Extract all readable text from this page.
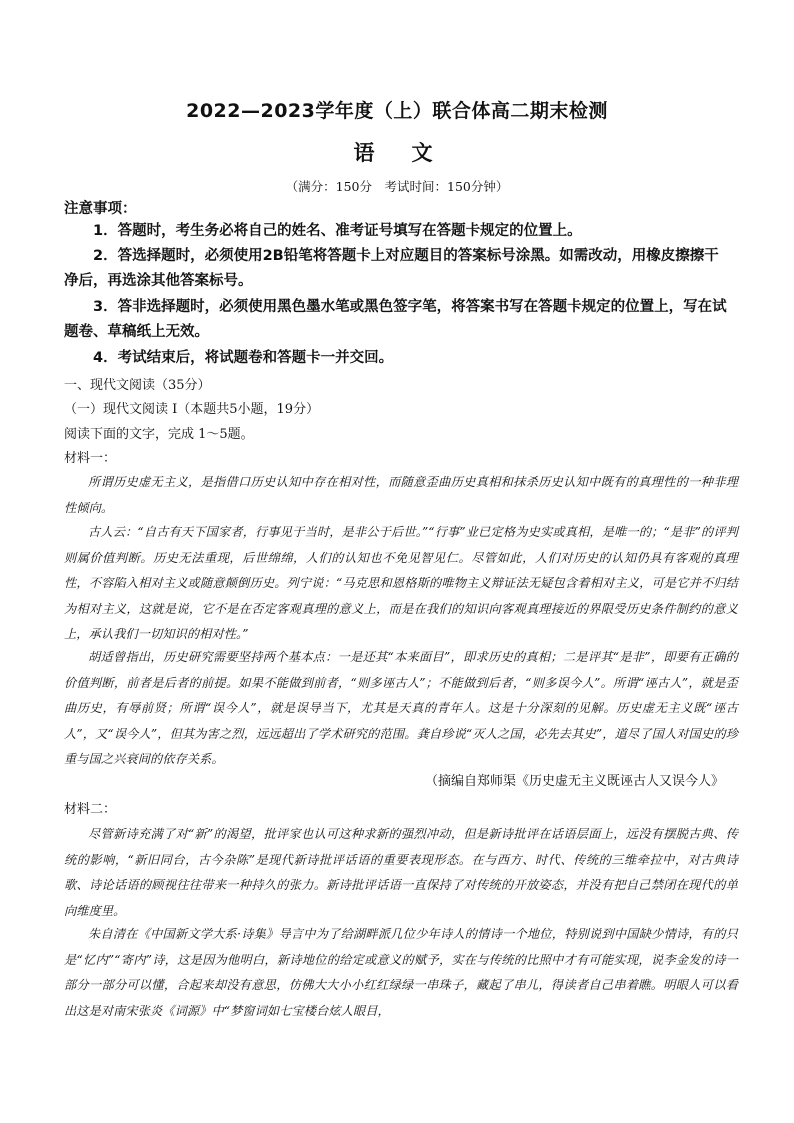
2022—2023学年度（上）联合体高二期末检测
语　文
（满分：150分　考试时间：150分钟）
注意事项：
1．答题时，考生务必将自己的姓名、准考证号填写在答题卡规定的位置上。
2．答选择题时，必须使用2B铅笔将答题卡上对应题目的答案标号涂黑。如需改动，用橡皮擦擦干净后，再选涂其他答案标号。
3．答非选择题时，必须使用黑色墨水笔或黑色签字笔，将答案书写在答题卡规定的位置上，写在试题卷、草稿纸上无效。
4．考试结束后，将试题卷和答题卡一并交回。
一、现代文阅读（35分）
（一）现代文阅读 I（本题共5小题，19分）
阅读下面的文字，完成 1～5题。
材料一：
所谓历史虚无主义，是指借口历史认知中存在相对性，而随意歪曲历史真相和抹杀历史认知中既有的真理性的一种非理性倾向。
古人云：“自古有天下国家者，行事见于当时，是非公于后世。”“行事”业已定格为史实或真相，是唯一的；“是非”的评判则属价值判断。历史无法重现，后世绵绵，人们的认知也不免见智见仁。尽管如此，人们对历史的认知仍具有客观的真理性，不容陷入相对主义或随意颠倒历史。列宁说：“马克思和恩格斯的唯物主义辩证法无疑包含着相对主义，可是它并不归结为相对主义，这就是说，它不是在否定客观真理的意义上，而是在我们的知识向客观真理接近的界限受历史条件制约的意义上，承认我们一切知识的相对性。”
胡适曾指出，历史研究需要坚持两个基本点：一是还其“本来面目”，即求历史的真相；二是评其“是非”，即要有正确的价值判断，前者是后者的前提。如果不能做到前者，“则多诬古人”；不能做到后者，“则多误今人”。所谓“诬古人”，就是歪曲历史，有辱前贤；所谓“误今人”，就是误导当下，尤其是天真的青年人。这是十分深刻的见解。历史虚无主义既“诬古人”，又“误今人”，但其为害之烈，远远超出了学术研究的范围。龚自珍说“灭人之国，必先去其史”，道尽了国人对国史的珍重与国之兴衰间的依存关系。
（摘编自郑师渠《历史虚无主义既诬古人又误今人》
材料二：
尽管新诗充满了对“新”的渴望，批评家也认可这种求新的强烈冲动，但是新诗批评在话语层面上，远没有摆脱古典、传统的影响，“新旧同台，古今杂陈”是现代新诗批评话语的重要表现形态。在与西方、时代、传统的三维牵拉中，对古典诗歌、诗论话语的顾视往往带来一种持久的张力。新诗批评话语一直保持了对传统的开放姿态，并没有把自己禁闭在现代的单向维度里。
朱自清在《中国新文学大系·诗集》导言中为了给湖畔派几位少年诗人的情诗一个地位，特别说到中国缺少情诗，有的只是“忆内”“寄内”诗，这是因为他明白，新诗地位的给定或意义的赋予，实在与传统的比照中才有可能实现，说李金发的诗一部分一部分可以懂，合起来却没有意思，仿佛大大小小红红绿绿一串珠子，藏起了串儿，得读者自己串着瞧。明眼人可以看出这是对南宋张炎《词源》中“梦窗词如七宝楼台炫人眼目，
